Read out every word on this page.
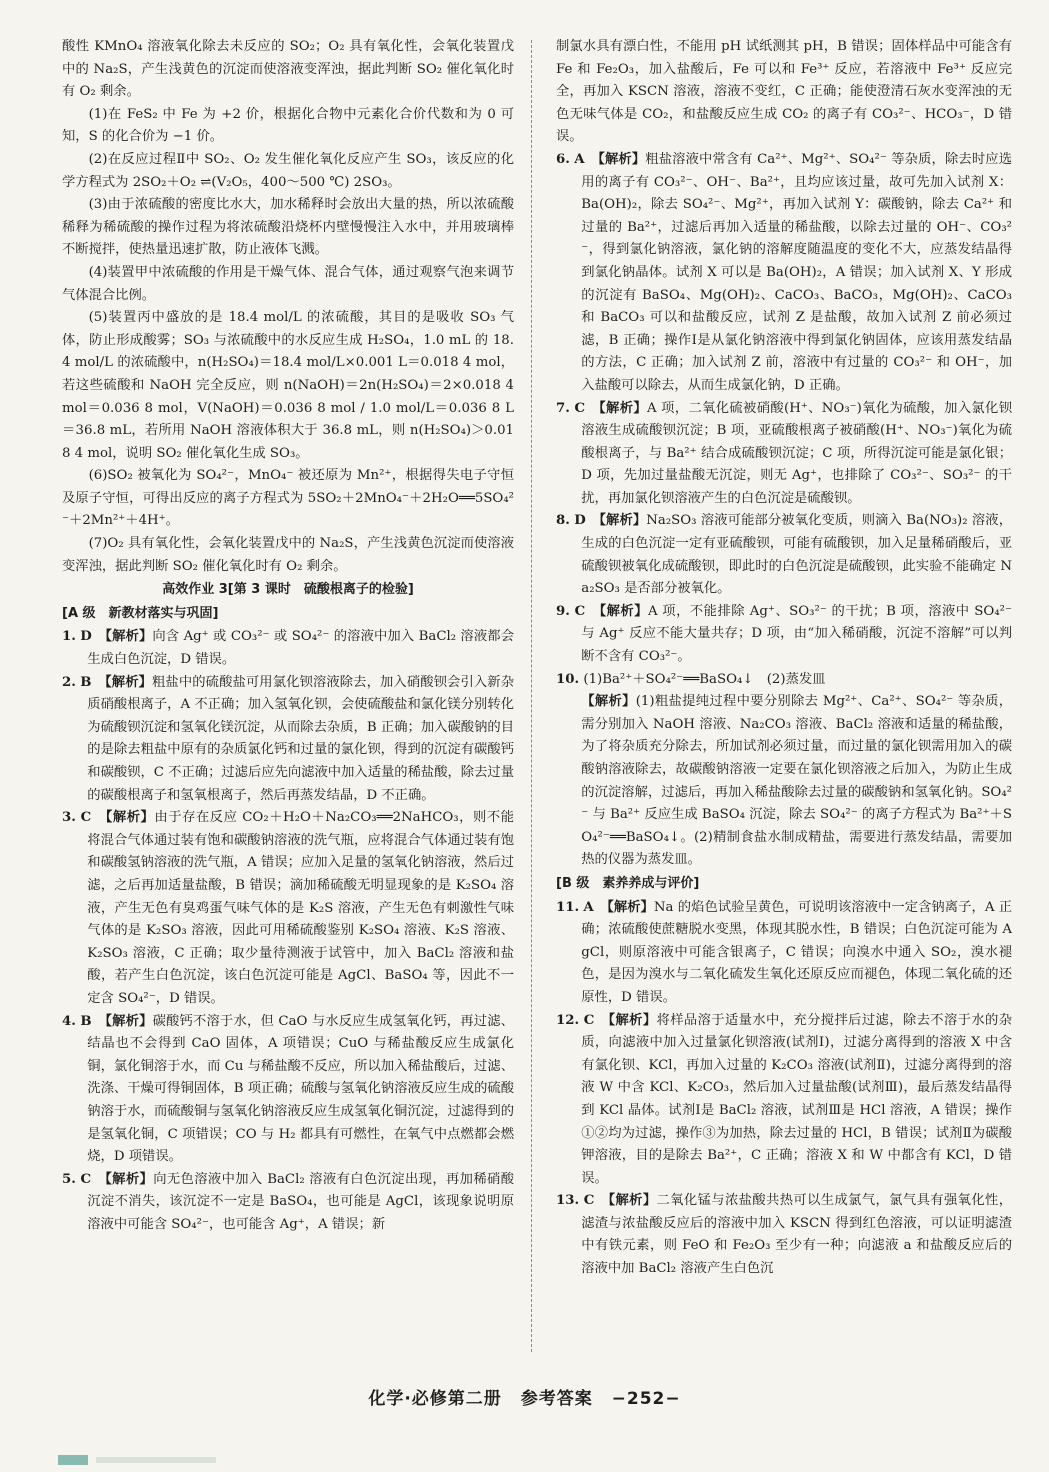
酸性 KMnO₄ 溶液氧化除去未反应的 SO₂；O₂ 具有氧化性，会氧化装置戊中的 Na₂S，产生浅黄色的沉淀而使溶液变浑浊，据此判断 SO₂ 催化氧化时有 O₂ 剩余。

(1)在 FeS₂ 中 Fe 为 +2 价，根据化合物中元素化合价代数和为 0 可知，S 的化合价为 −1 价。

(2)在反应过程Ⅱ中 SO₂、O₂ 发生催化氧化反应产生 SO₃，该反应的化学方程式为 2SO₂＋O₂ ⇌(V₂O₅，400～500 ℃) 2SO₃。

(3)由于浓硫酸的密度比水大，加水稀释时会放出大量的热，所以浓硫酸稀释为稀硫酸的操作过程为将浓硫酸沿烧杯内壁慢慢注入水中，并用玻璃棒不断搅拌，使热量迅速扩散，防止液体飞溅。

(4)装置甲中浓硫酸的作用是干燥气体、混合气体，通过观察气泡来调节气体混合比例。

(5)装置丙中盛放的是 18.4 mol/L 的浓硫酸，其目的是吸收 SO₃ 气体，防止形成酸雾；SO₃ 与浓硫酸中的水反应生成 H₂SO₄，1.0 mL 的 18.4 mol/L 的浓硫酸中，n(H₂SO₄)＝18.4 mol/L×0.001 L＝0.018 4 mol，若这些硫酸和 NaOH 完全反应，则 n(NaOH)＝2n(H₂SO₄)＝2×0.018 4 mol＝0.036 8 mol，V(NaOH)＝0.036 8 mol / 1.0 mol/L＝0.036 8 L＝36.8 mL，若所用 NaOH 溶液体积大于 36.8 mL，则 n(H₂SO₄)＞0.018 4 mol，说明 SO₂ 催化氧化生成 SO₃。

(6)SO₂ 被氧化为 SO₄²⁻，MnO₄⁻ 被还原为 Mn²⁺，根据得失电子守恒及原子守恒，可得出反应的离子方程式为 5SO₂＋2MnO₄⁻＋2H₂O══5SO₄²⁻＋2Mn²⁺＋4H⁺。

(7)O₂ 具有氧化性，会氧化装置戊中的 Na₂S，产生浅黄色沉淀而使溶液变浑浊，据此判断 SO₂ 催化氧化时有 O₂ 剩余。

高效作业 3[第 3 课时　硫酸根离子的检验]

[A 级　新教材落实与巩固]

1. D　 【解析】向含 Ag⁺ 或 CO₃²⁻ 或 SO₄²⁻ 的溶液中加入 BaCl₂ 溶液都会生成白色沉淀，D 错误。

2. B　 【解析】粗盐中的硫酸盐可用氯化钡溶液除去，加入硝酸钡会引入新杂质硝酸根离子，A 不正确；加入氢氧化钡，会使硫酸盐和氯化镁分别转化为硫酸钡沉淀和氢氧化镁沉淀，从而除去杂质，B 正确；加入碳酸钠的目的是除去粗盐中原有的杂质氯化钙和过量的氯化钡，得到的沉淀有碳酸钙和碳酸钡，C 不正确；过滤后应先向滤液中加入适量的稀盐酸，除去过量的碳酸根离子和氢氧根离子，然后再蒸发结晶，D 不正确。

3. C　 【解析】由于存在反应 CO₂＋H₂O＋Na₂CO₃══2NaHCO₃，则不能将混合气体通过装有饱和碳酸钠溶液的洗气瓶，应将混合气体通过装有饱和碳酸氢钠溶液的洗气瓶，A 错误；应加入足量的氢氧化钠溶液，然后过滤，之后再加适量盐酸，B 错误；滴加稀硫酸无明显现象的是 K₂SO₄ 溶液，产生无色有臭鸡蛋气味气体的是 K₂S 溶液，产生无色有刺激性气味气体的是 K₂SO₃ 溶液，因此可用稀硫酸鉴别 K₂SO₄ 溶液、K₂S 溶液、K₂SO₃ 溶液，C 正确；取少量待测液于试管中，加入 BaCl₂ 溶液和盐酸，若产生白色沉淀，该白色沉淀可能是 AgCl、BaSO₄ 等，因此不一定含 SO₄²⁻，D 错误。

4. B　 【解析】碳酸钙不溶于水，但 CaO 与水反应生成氢氧化钙，再过滤、结晶也不会得到 CaO 固体，A 项错误；CuO 与稀盐酸反应生成氯化铜，氯化铜溶于水，而 Cu 与稀盐酸不反应，所以加入稀盐酸后，过滤、洗涤、干燥可得铜固体，B 项正确；硫酸与氢氧化钠溶液反应生成的硫酸钠溶于水，而硫酸铜与氢氧化钠溶液反应生成氢氧化铜沉淀，过滤得到的是氢氧化铜，C 项错误；CO 与 H₂ 都具有可燃性，在氧气中点燃都会燃烧，D 项错误。

5. C　 【解析】向无色溶液中加入 BaCl₂ 溶液有白色沉淀出现，再加稀硝酸沉淀不消失，该沉淀不一定是 BaSO₄，也可能是 AgCl，该现象说明原溶液中可能含 SO₄²⁻，也可能含 Ag⁺，A 错误；新

制氯水具有漂白性，不能用 pH 试纸测其 pH，B 错误；固体样品中可能含有 Fe 和 Fe₂O₃，加入盐酸后，Fe 可以和 Fe³⁺ 反应，若溶液中 Fe³⁺ 反应完全，再加入 KSCN 溶液，溶液不变红，C 正确；能使澄清石灰水变浑浊的无色无味气体是 CO₂，和盐酸反应生成 CO₂ 的离子有 CO₃²⁻、HCO₃⁻，D 错误。

6. A　 【解析】粗盐溶液中常含有 Ca²⁺、Mg²⁺、SO₄²⁻ 等杂质，除去时应选用的离子有 CO₃²⁻、OH⁻、Ba²⁺，且均应该过量，故可先加入试剂 X：Ba(OH)₂，除去 SO₄²⁻、Mg²⁺，再加入试剂 Y：碳酸钠，除去 Ca²⁺ 和过量的 Ba²⁺，过滤后再加入适量的稀盐酸，以除去过量的 OH⁻、CO₃²⁻，得到氯化钠溶液，氯化钠的溶解度随温度的变化不大，应蒸发结晶得到氯化钠晶体。试剂 X 可以是 Ba(OH)₂，A 错误；加入试剂 X、Y 形成的沉淀有 BaSO₄、Mg(OH)₂、CaCO₃、BaCO₃，Mg(OH)₂、CaCO₃ 和 BaCO₃ 可以和盐酸反应，试剂 Z 是盐酸，故加入试剂 Z 前必须过滤，B 正确；操作Ⅰ是从氯化钠溶液中得到氯化钠固体，应该用蒸发结晶的方法，C 正确；加入试剂 Z 前，溶液中有过量的 CO₃²⁻ 和 OH⁻，加入盐酸可以除去，从而生成氯化钠，D 正确。

7. C　 【解析】A 项，二氧化硫被硝酸(H⁺、NO₃⁻)氧化为硫酸，加入氯化钡溶液生成硫酸钡沉淀；B 项，亚硫酸根离子被硝酸(H⁺、NO₃⁻)氧化为硫酸根离子，与 Ba²⁺ 结合成硫酸钡沉淀；C 项，所得沉淀可能是氯化银；D 项，先加过量盐酸无沉淀，则无 Ag⁺，也排除了 CO₃²⁻、SO₃²⁻ 的干扰，再加氯化钡溶液产生的白色沉淀是硫酸钡。

8. D　 【解析】Na₂SO₃ 溶液可能部分被氧化变质，则滴入 Ba(NO₃)₂ 溶液，生成的白色沉淀一定有亚硫酸钡，可能有硫酸钡，加入足量稀硝酸后，亚硫酸钡被氧化成硫酸钡，即此时的白色沉淀是硫酸钡，此实验不能确定 Na₂SO₃ 是否部分被氧化。

9. C　 【解析】A 项，不能排除 Ag⁺、SO₃²⁻ 的干扰；B 项，溶液中 SO₄²⁻ 与 Ag⁺ 反应不能大量共存；D 项，由“加入稀硝酸，沉淀不溶解”可以判断不含有 CO₃²⁻。

10. (1)Ba²⁺＋SO₄²⁻══BaSO₄↓　(2)蒸发皿

【解析】(1)粗盐提纯过程中要分别除去 Mg²⁺、Ca²⁺、SO₄²⁻ 等杂质，需分别加入 NaOH 溶液、Na₂CO₃ 溶液、BaCl₂ 溶液和适量的稀盐酸，为了将杂质充分除去，所加试剂必须过量，而过量的氯化钡需用加入的碳酸钠溶液除去，故碳酸钠溶液一定要在氯化钡溶液之后加入，为防止生成的沉淀溶解，过滤后，再加入稀盐酸除去过量的碳酸钠和氢氧化钠。SO₄²⁻ 与 Ba²⁺ 反应生成 BaSO₄ 沉淀，除去 SO₄²⁻ 的离子方程式为 Ba²⁺＋SO₄²⁻══BaSO₄↓。(2)精制食盐水制成精盐，需要进行蒸发结晶，需要加热的仪器为蒸发皿。

[B 级　素养养成与评价]

11. A　 【解析】Na 的焰色试验呈黄色，可说明该溶液中一定含钠离子，A 正确；浓硫酸使蔗糖脱水变黑，体现其脱水性，B 错误；白色沉淀可能为 AgCl，则原溶液中可能含银离子，C 错误；向溴水中通入 SO₂，溴水褪色，是因为溴水与二氧化硫发生氧化还原反应而褪色，体现二氧化硫的还原性，D 错误。

12. C　 【解析】将样品溶于适量水中，充分搅拌后过滤，除去不溶于水的杂质，向滤液中加入过量氯化钡溶液(试剂Ⅰ)，过滤分离得到的溶液 X 中含有氯化钡、KCl，再加入过量的 K₂CO₃ 溶液(试剂Ⅱ)，过滤分离得到的溶液 W 中含 KCl、K₂CO₃，然后加入过量盐酸(试剂Ⅲ)，最后蒸发结晶得到 KCl 晶体。试剂Ⅰ是 BaCl₂ 溶液，试剂Ⅲ是 HCl 溶液，A 错误；操作①②均为过滤，操作③为加热，除去过量的 HCl，B 错误；试剂Ⅱ为碳酸钾溶液，目的是除去 Ba²⁺，C 正确；溶液 X 和 W 中都含有 KCl，D 错误。

13. C　 【解析】二氧化锰与浓盐酸共热可以生成氯气，氯气具有强氧化性，滤渣与浓盐酸反应后的溶液中加入 KSCN 得到红色溶液，可以证明滤渣中有铁元素，则 FeO 和 Fe₂O₃ 至少有一种；向滤液 a 和盐酸反应后的溶液中加 BaCl₂ 溶液产生白色沉

化学·必修第二册 参考答案 −252−
